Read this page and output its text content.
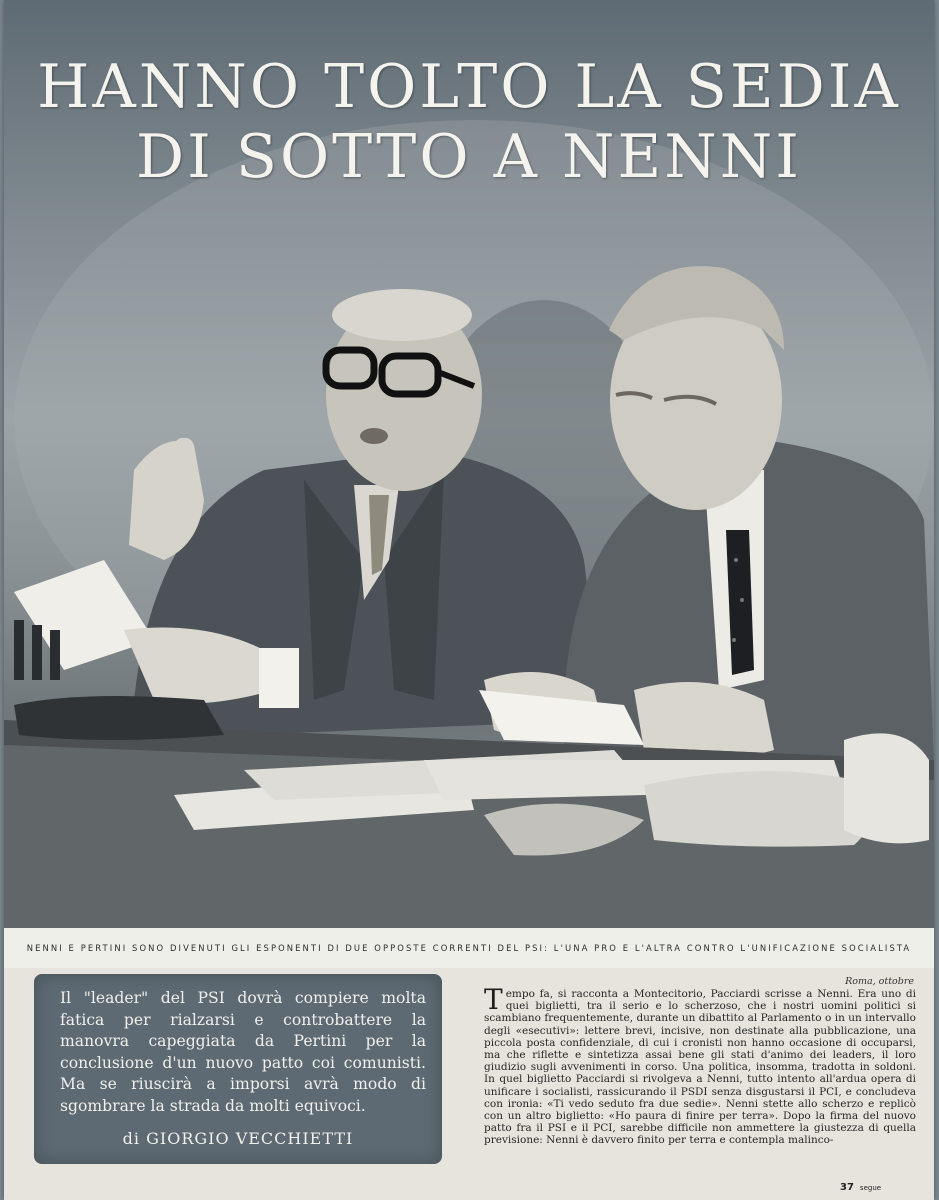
HANNO TOLTO LA SEDIA
DI SOTTO A NENNI
NENNI E PERTINI SONO DIVENUTI GLI ESPONENTI DI DUE OPPOSTE CORRENTI DEL PSI: L'UNA PRO E L'ALTRA CONTRO L'UNIFICAZIONE SOCIALISTA

Il "leader" del PSI dovrà compiere molta fatica per rialzarsi e controbattere la manovra capeggiata da Pertini per la conclusione d'un nuovo patto coi comunisti. Ma se riuscirà a imporsi avrà modo di sgombrare la strada da molti equivoci.

di GIORGIO VECCHIETTI
Roma, ottobre
Tempo fa, si racconta a Montecitorio, Pacciardi scrisse a Nenni. Era uno di quei biglietti, tra il serio e lo scherzoso, che i nostri uomini politici si scambiano frequentemente, durante un dibattito al Parlamento o in un intervallo degli «esecutivi»: lettere brevi, incisive, non destinate alla pubblicazione, una piccola posta confidenziale, di cui i cronisti non hanno occasione di occuparsi, ma che riflette e sintetizza assai bene gli stati d'animo dei leaders, il loro giudizio sugli avvenimenti in corso. Una politica, insomma, tradotta in soldoni. In quel biglietto Pacciardi si rivolgeva a Nenni, tutto intento all'ardua opera di unificare i socialisti, rassicurando il PSDI senza disgustarsi il PCI, e concludeva con ironia: «Ti vedo seduto fra due sedie». Nenni stette allo scherzo e replicò con un altro biglietto: «Ho paura di finire per terra». Dopo la firma del nuovo patto fra il PSI e il PCI, sarebbe difficile non ammettere la giustezza di quella previsione: Nenni è davvero finito per terra e contempla malinco-
37 segue
